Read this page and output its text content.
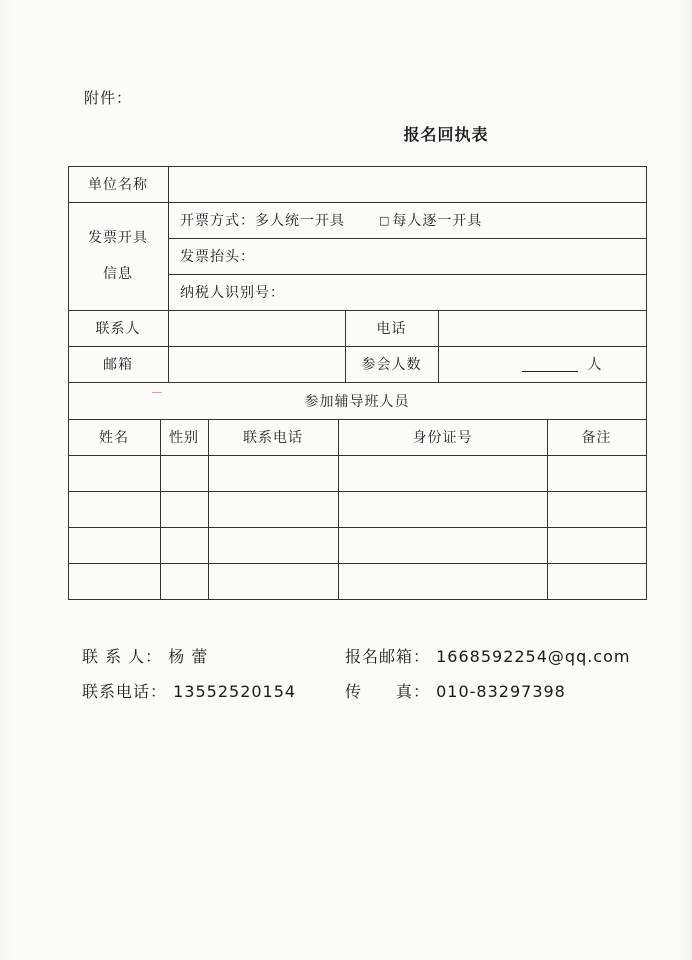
附件：
报名回执表
单位名称
发票开具
信息
开票方式：多人统一开具	□ 每人逐一开具
发票抬头：
纳税人识别号：
联系人	电话
邮箱	参会人数	人
参加辅导班人员
姓名	性别	联系电话	身份证号	备注
联 系 人： 杨 蕾	报名邮箱： 1668592254@qq.com
联系电话： 13552520154	传　　真： 010-83297398
